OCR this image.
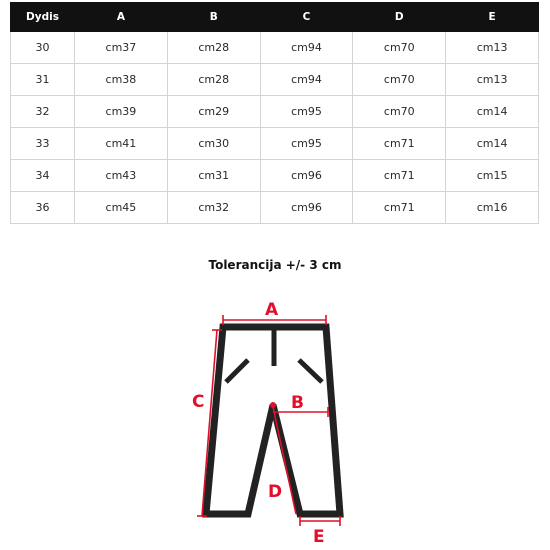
Dydis	A	B	C	D	E
30	cm37	cm28	cm94	cm70	cm13
31	cm38	cm28	cm94	cm70	cm13
32	cm39	cm29	cm95	cm70	cm14
33	cm41	cm30	cm95	cm71	cm14
34	cm43	cm31	cm96	cm71	cm15
36	cm45	cm32	cm96	cm71	cm16
Tolerancija +/- 3 cm
A
B
C
D
E
